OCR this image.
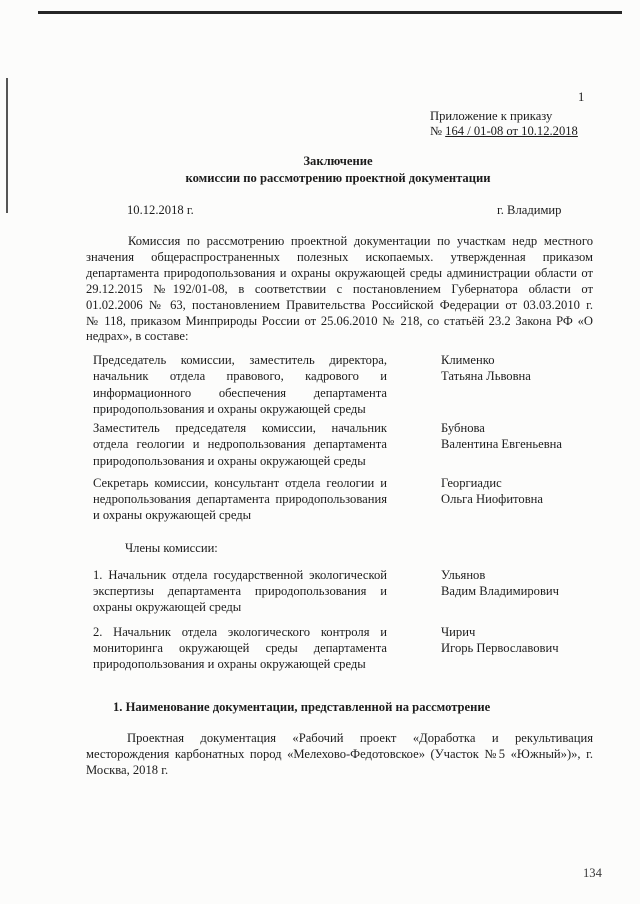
1
Приложение к приказу
№ 164 / 01-08 от 10.12.2018
Заключение
комиссии по рассмотрению проектной документации
10.12.2018 г.	г. Владимир
Комиссия по рассмотрению проектной документации по участкам недр местного
значения общераспространенных полезных ископаемых. утвержденная приказом
департамента природопользования и охраны окружающей среды администрации области от
29.12.2015 №192/01-08, в соответствии с постановлением Губернатора области от
01.02.2006 № 63, постановлением Правительства Российской Федерации от 03.03.2010 г.
№ 118, приказом Минприроды России от 25.06.2010 № 218, со статьёй 23.2 Закона РФ «О
недрах», в составе:
Председатель комиссии, заместитель директора,
начальник отдела правового, кадрового и
информационного обеспечения департамента
природопользования и охраны окружающей среды
Клименко
Татьяна Львовна
Заместитель председателя комиссии, начальник
отдела геологии и недропользования департамента
природопользования и охраны окружающей среды
Бубнова
Валентина Евгеньевна
Секретарь комиссии, консультант отдела геологии и
недропользования департамента природопользования
и охраны окружающей среды
Георгиадис
Ольга Ниофитовна
Члены комиссии:
1. Начальник отдела государственной экологической
экспертизы департамента природопользования и
охраны окружающей среды
Ульянов
Вадим Владимирович
2. Начальник отдела экологического контроля и
мониторинга окружающей среды департамента
природопользования и охраны окружающей среды
Чирич
Игорь Первославович
1. Наименование документации, представленной на рассмотрение
Проектная документация «Рабочий проект «Доработка и рекультивация
месторождения карбонатных пород «Мелехово-Федотовское» (Участок №5 «Южный»)», г.
Москва, 2018 г.
134
